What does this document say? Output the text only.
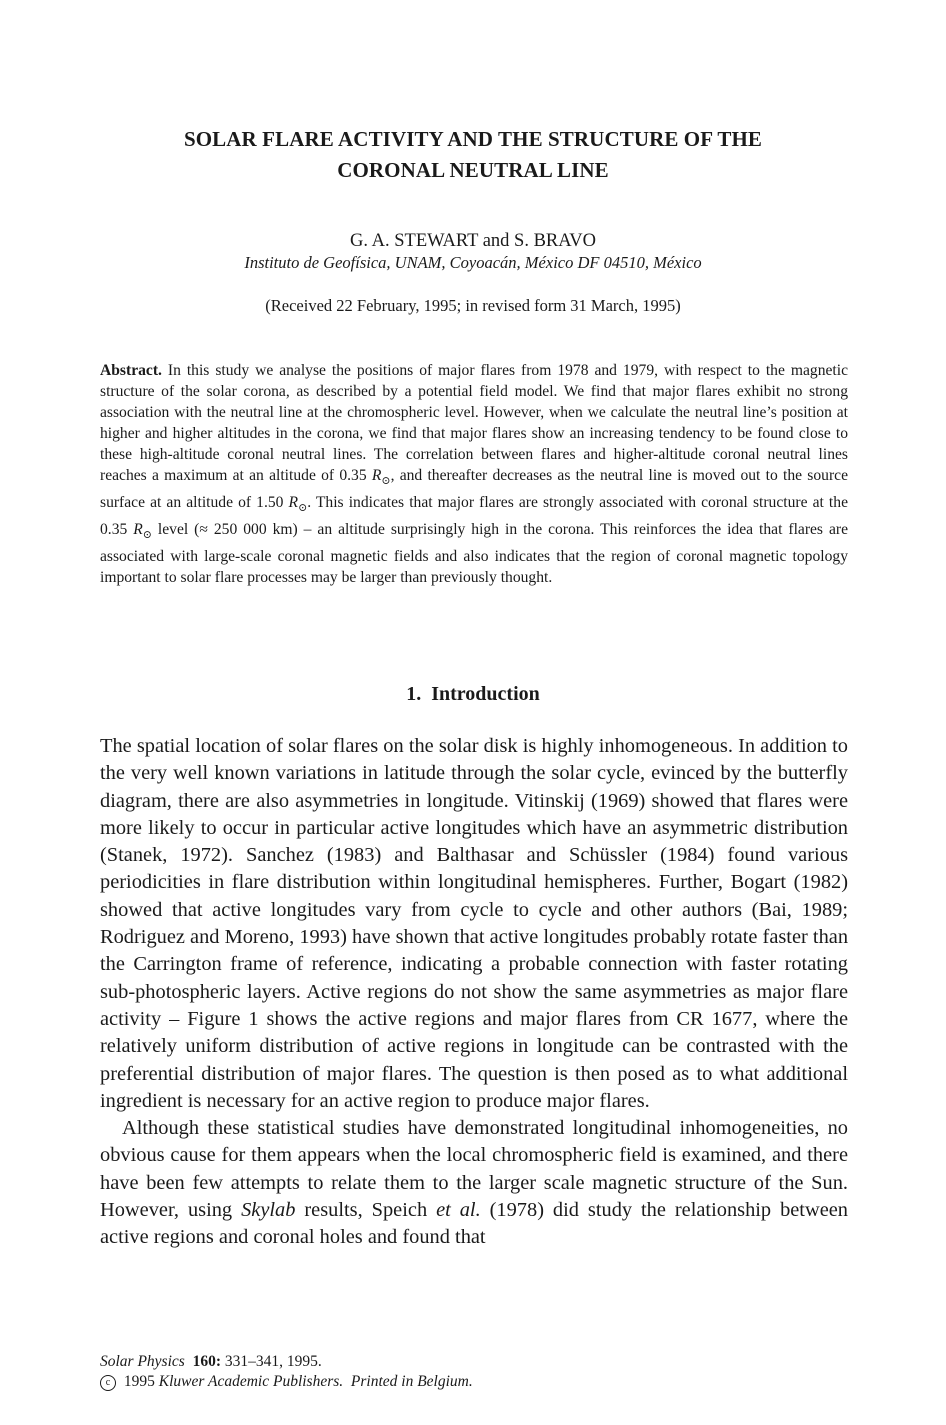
SOLAR FLARE ACTIVITY AND THE STRUCTURE OF THE
CORONAL NEUTRAL LINE
G. A. STEWART and S. BRAVO
Instituto de Geofísica, UNAM, Coyoacán, México DF 04510, México
(Received 22 February, 1995; in revised form 31 March, 1995)
Abstract. In this study we analyse the positions of major flares from 1978 and 1979, with respect to the magnetic structure of the solar corona, as described by a potential field model. We find that major flares exhibit no strong association with the neutral line at the chromospheric level. However, when we calculate the neutral line’s position at higher and higher altitudes in the corona, we find that major flares show an increasing tendency to be found close to these high-altitude coronal neutral lines. The correlation between flares and higher-altitude coronal neutral lines reaches a maximum at an altitude of 0.35 $R_⊙$, and thereafter decreases as the neutral line is moved out to the source surface at an altitude of 1.50 $R_⊙$. This indicates that major flares are strongly associated with coronal structure at the 0.35 $R_⊙$ level (≈ 250 000 km) – an altitude surprisingly high in the corona. This reinforces the idea that flares are associated with large-scale coronal magnetic fields and also indicates that the region of coronal magnetic topology important to solar flare processes may be larger than previously thought.
1. Introduction

The spatial location of solar flares on the solar disk is highly inhomogeneous. In addition to the very well known variations in latitude through the solar cycle, evinced by the butterfly diagram, there are also asymmetries in longitude. Vitinskij (1969) showed that flares were more likely to occur in particular active longitudes which have an asymmetric distribution (Stanek, 1972). Sanchez (1983) and Balthasar and Schüssler (1984) found various periodicities in flare distribution within longitudinal hemispheres. Further, Bogart (1982) showed that active longitudes vary from cycle to cycle and other authors (Bai, 1989; Rodriguez and Moreno, 1993) have shown that active longitudes probably rotate faster than the Carrington frame of reference, indicating a probable connection with faster rotating sub-photospheric layers. Active regions do not show the same asymmetries as major flare activity – Figure 1 shows the active regions and major flares from CR 1677, where the relatively uniform distribution of active regions in longitude can be contrasted with the preferential distribution of major flares. The question is then posed as to what additional ingredient is necessary for an active region to produce major flares.

Although these statistical studies have demonstrated longitudinal inhomogeneities, no obvious cause for them appears when the local chromospheric field is examined, and there have been few attempts to relate them to the larger scale magnetic structure of the Sun. However, using Skylab results, Speich et al. (1978) did study the relationship between active regions and coronal holes and found that

Solar Physics 160: 331–341, 1995.
c 1995 Kluwer Academic Publishers. Printed in Belgium.
